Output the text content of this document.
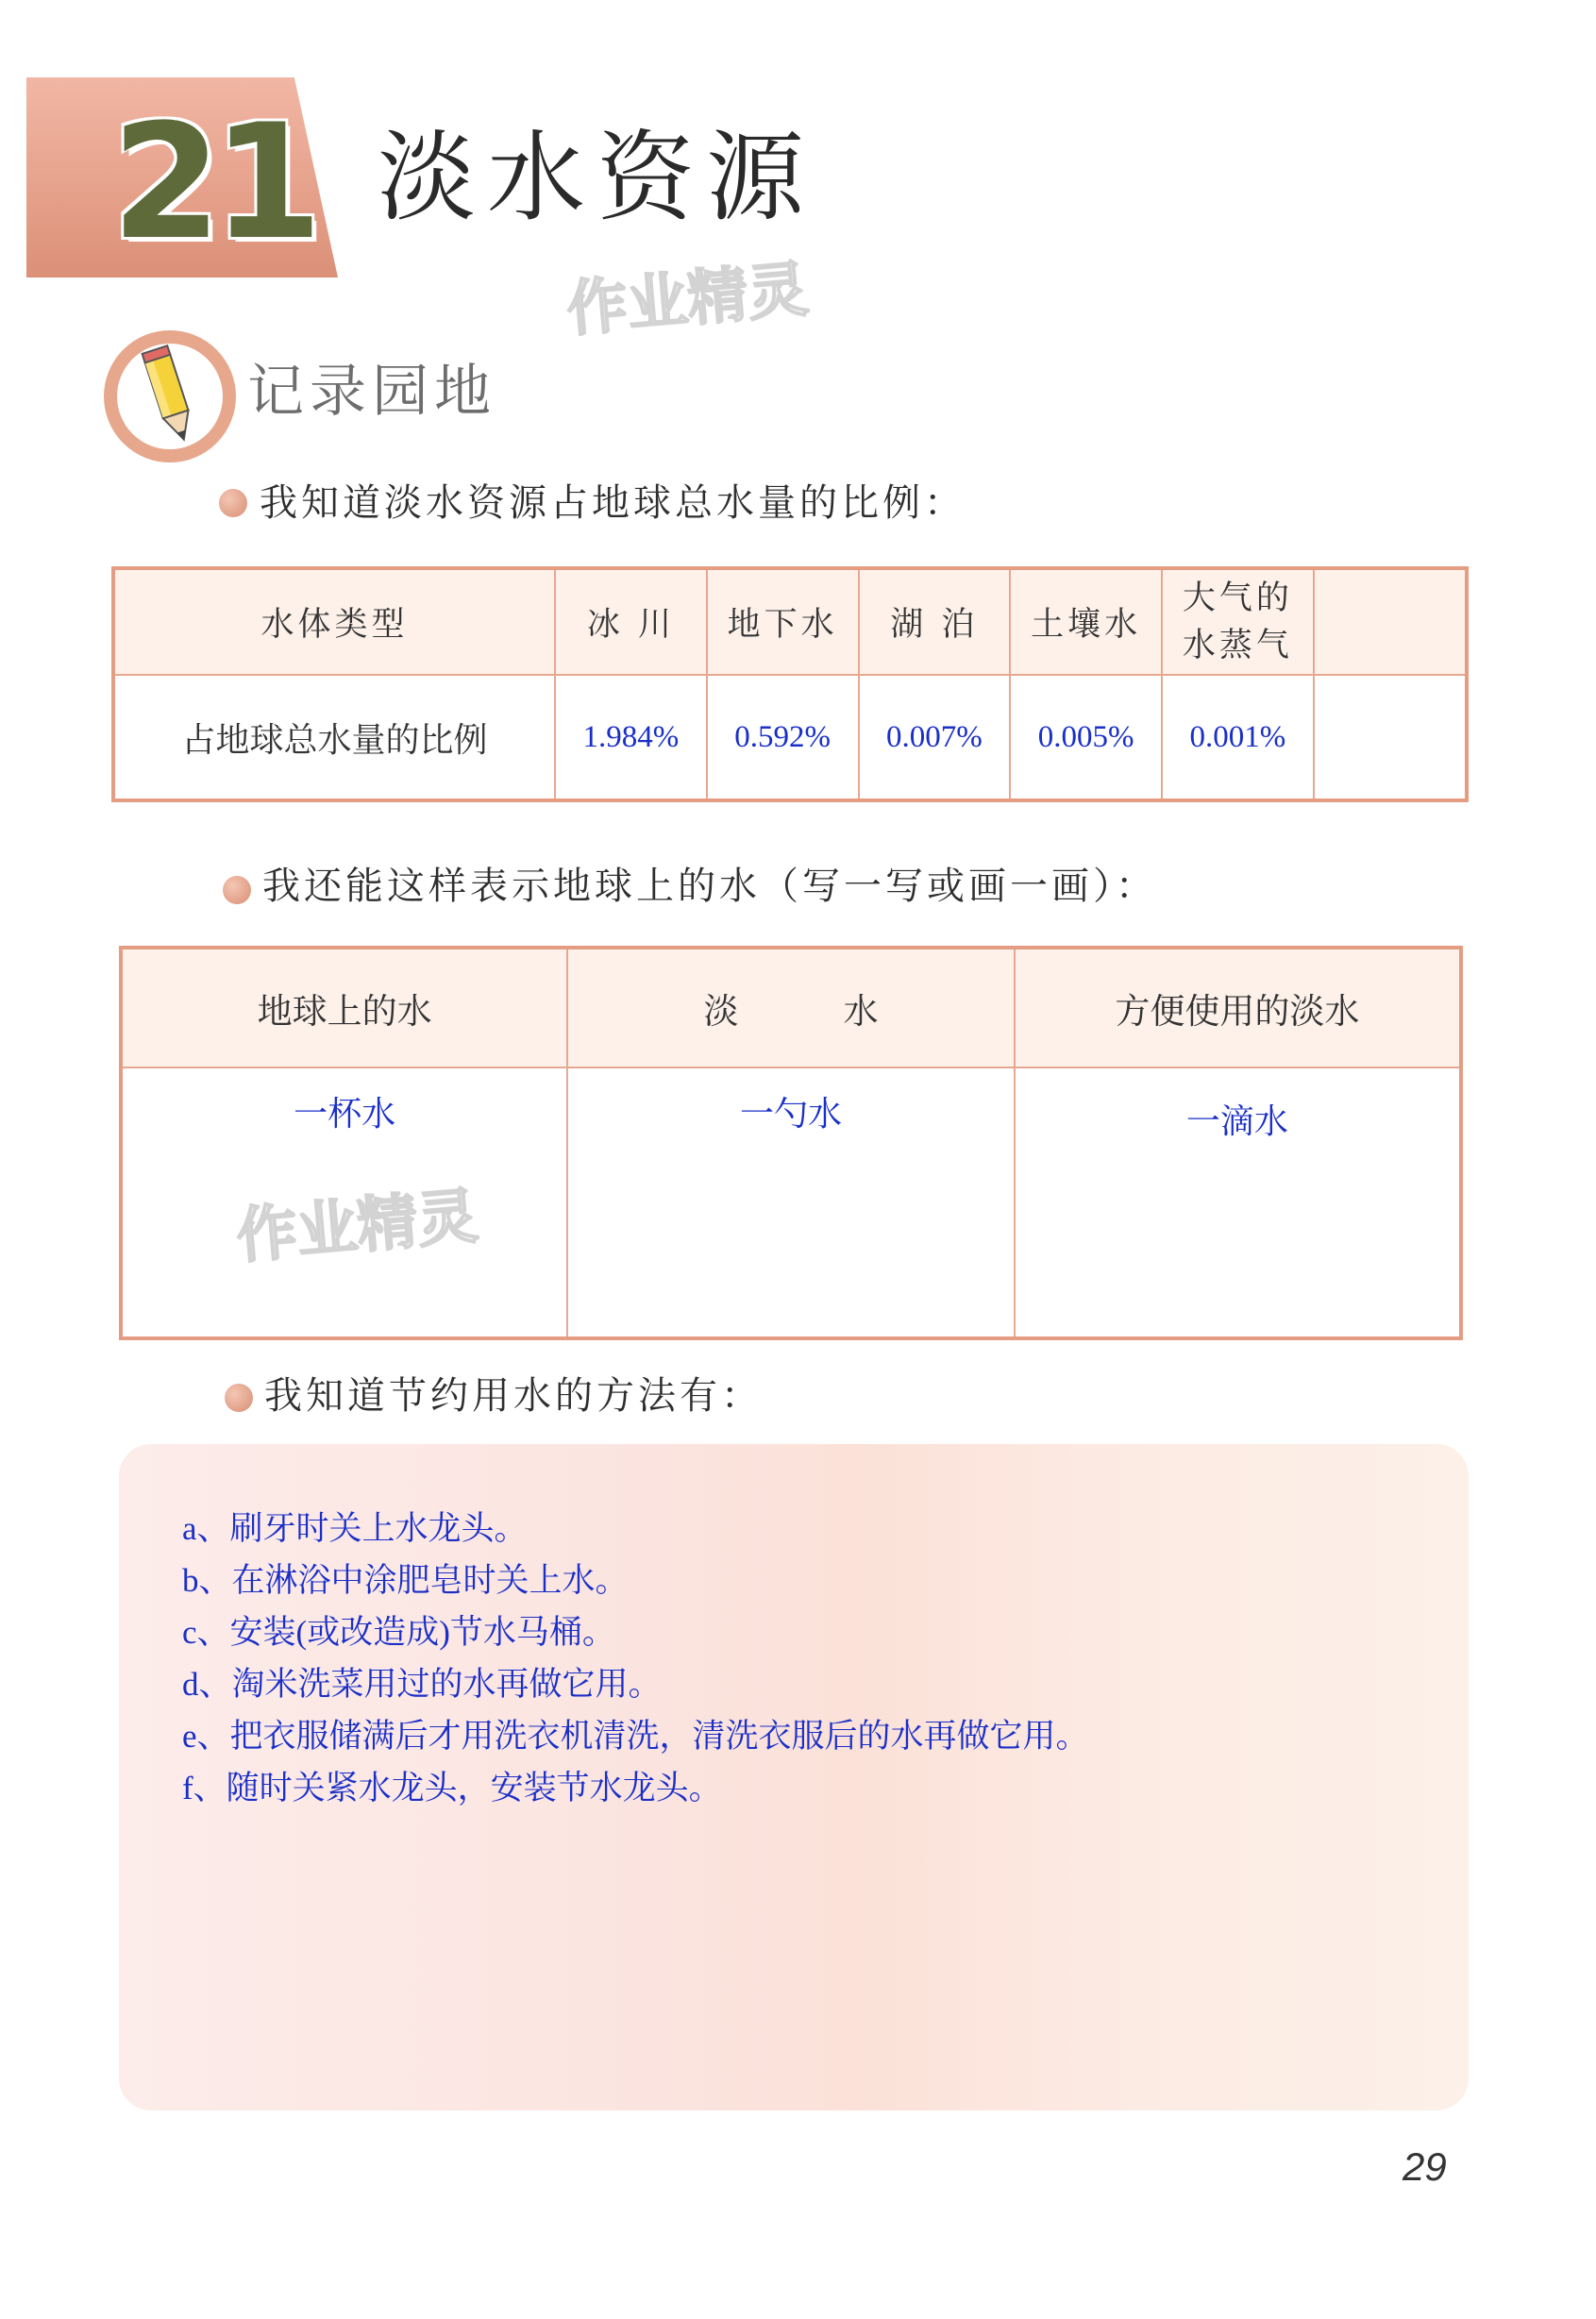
21 淡水资源
作业精灵
记录园地
我知道淡水资源占地球总水量的比例：
水体类型	冰 川	地下水	湖 泊	土壤水	大气的
水蒸气	

占地球总水量的比例	1.984%	0.592%	0.007%	0.005%	0.001%	
我还能这样表示地球上的水（写一写或画一画）：
地球上的水	淡　　　水	方便使用的淡水
一杯水	一勺水	一滴水
作业精灵
我知道节约用水的方法有：
a、刷牙时关上水龙头。
b、在淋浴中涂肥皂时关上水。
c、安装(或改造成)节水马桶。
d、淘米洗菜用过的水再做它用。
e、把衣服储满后才用洗衣机清洗，清洗衣服后的水再做它用。
f、随时关紧水龙头，安装节水龙头。
29
